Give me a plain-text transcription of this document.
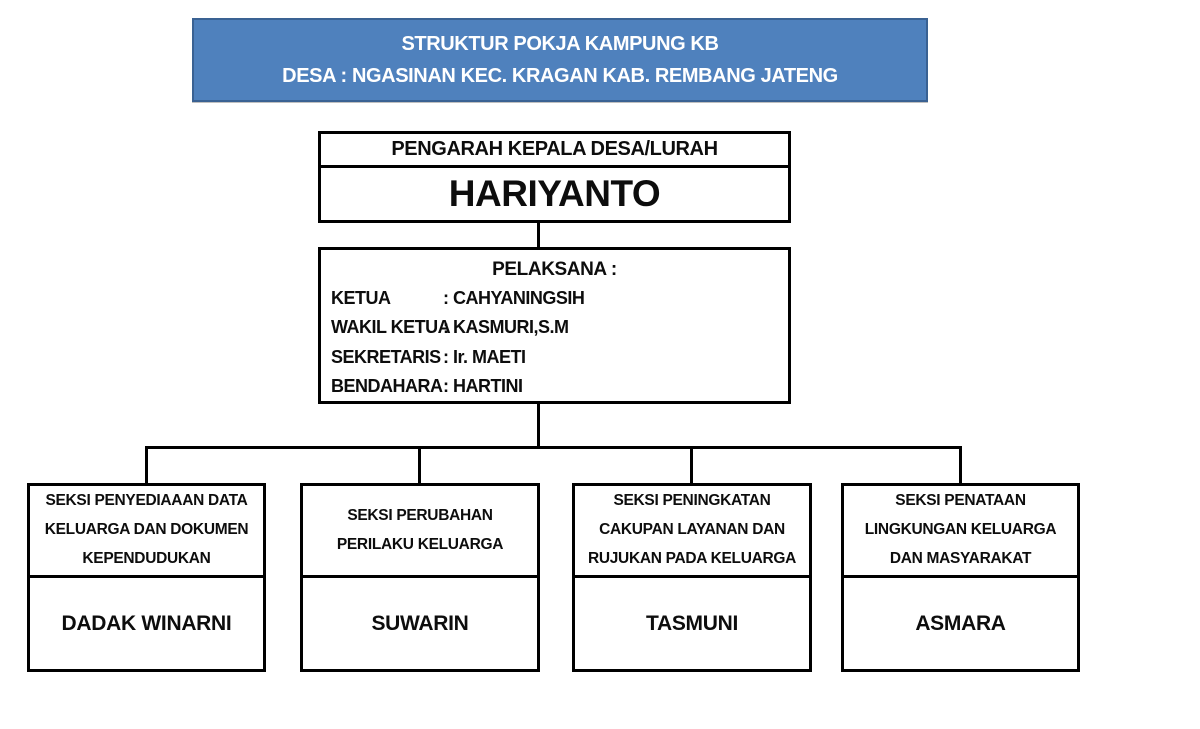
STRUKTUR POKJA KAMPUNG KB
DESA : NGASINAN KEC. KRAGAN KAB. REMBANG JATENG
PENGARAH KEPALA DESA/LURAH
HARIYANTO
PELAKSANA :
KETUA	: CAHYANINGSIH
WAKIL KETUA
: KASMURI,S.M
SEKRETARIS : Ir. MAETI
BENDAHARA : HARTINI
SEKSI PENYEDIAAAN DATA
KELUARGA DAN DOKUMEN
KEPENDUDUKAN
DADAK WINARNI
SEKSI PERUBAHAN
PERILAKU KELUARGA
SUWARIN
SEKSI PENINGKATAN
CAKUPAN LAYANAN DAN
RUJUKAN PADA KELUARGA
TASMUNI
SEKSI PENATAAN
LINGKUNGAN KELUARGA
DAN MASYARAKAT
ASMARA
